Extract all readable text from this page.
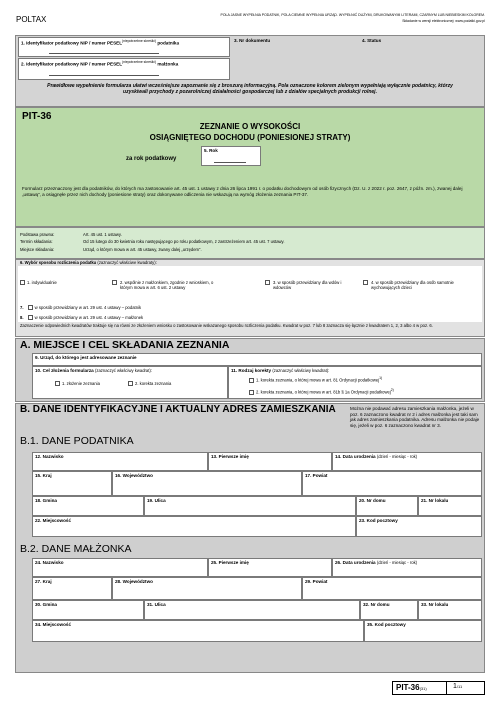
POLTAX	POLA JASNE WYPEŁNIA PODATNIK, POLA CIEMNE WYPEŁNIA URZĄD. WYPEŁNIĆ DUŻYMI, DRUKOWANYMI LITERAMI, CZARNYM LUB NIEBIESKIM KOLOREM.
Składanie w wersji elektronicznej: www.podatki.gov.pl
1. Identyfikator podatkowy NIP / numer $PESEL^{(niepotrzebne skreślić)}$ podatnika
2. Identyfikator podatkowy NIP / numer $PESEL^{(niepotrzebne skreślić)}$ małżonka
3. Nr dokumentu	4. Status
Prawidłowe wypełnienie formularza ułatwi wcześniejsze zapoznanie się z broszurą informacyjną. Pola oznaczone kolorem zielonym wypełniają wyłącznie podatnicy, którzy uzyskiwali przychody z pozarolniczej działalności gospodarczej lub z działów specjalnych produkcji rolnej.
PIT-36
ZEZNANIE O WYSOKOŚCI
OSIĄGNIĘTEGO DOCHODU (PONIESIONEJ STRATY)
za rok podatkowy
5. Rok
Formularz przeznaczony jest dla podatników, do których ma zastosowanie art. 45 ust. 1 ustawy z dnia 26 lipca 1991 r. o podatku dochodowym od osób fizycznych (Dz. U. z 2022 r. poz. 2647, z późn. zm.), zwanej dalej „ustawą”, a osiągnęłe przez nich dochody (poniesione straty) oraz dokonywane odliczenia nie wskazują na wymóg złożenia zeznania PIT-37.
Podstawa prawna:	Art. 45 ust. 1 ustawy.
Termin składania:	Od 15 lutego do 30 kwietnia roku następującego po roku podatkowym, z zastrzeżeniem art. 45 ust. 7 ustawy.
Miejsce składania:	Urząd, o którym mowa w art. 45 ustawy, zwany dalej „urzędem”.
6. Wybór sposobu rozliczenia podatku (zaznaczyć właściwe kwadraty):
1. indywidualnie	2. wspólnie z małżonkiem, zgodnie z wnioskiem, o którym mowa w art. 6 ust. 2 ustawy
3. w sposób przewidziany dla wdów i wdowców
4. w sposób przewidziany dla osób samotnie wychowujących dzieci
7.	w sposób przewidziany w art. 29 ust. 4 ustawy – podatnik
8.	w sposób przewidziany w art. 29 ust. 4 ustawy – małżonek
Zaznaczenie odpowiednich kwadratów traktuje się na równi ze złożeniem wniosku o zastosowanie wskazanego sposobu rozliczenia podatku. Kwadrat w poz. 7 lub 8 zaznacza się łącznie z kwadratem 1, 2, 3 albo 4 w poz. 6.
A. MIEJSCE I CEL SKŁADANIA ZEZNANIA
9. Urząd, do którego jest adresowane zeznanie
10. Cel złożenia formularza (zaznaczyć właściwy kwadrat):
1. złożenie zeznania	2. korekta zeznania
11. Rodzaj korekty (zaznaczyć właściwy kwadrat):
1. korekta zeznania, o której mowa w art. 81 Ordynacji podatkowej$^{1)}$
2. korekta zeznania, o której mowa w art. 81b § 1a Ordynacji podatkowej$^{2)}$
B. DANE IDENTYFIKACYJNE I AKTUALNY ADRES ZAMIESZKANIA	Można nie podawać adresu zamieszkania małżonka, jeżeli w poz. 6 zaznaczono kwadrat nr 2 i adres małżonka jest taki sam jak adres zamieszkania podatnika. Adresu małżonka nie podaje się, jeżeli w poz. 6 zaznaczono kwadrat nr 3.
B.1. DANE PODATNIKA
12. Nazwisko	13. Pierwsze imię	14. Data urodzenia (dzień - miesiąc - rok)
15. Kraj	16. Województwo	17. Powiat
18. Gmina	19. Ulica	20. Nr domu	21. Nr lokalu
22. Miejscowość	23. Kod pocztowy
B.2. DANE MAŁŻONKA
24. Nazwisko	25. Pierwsze imię	26. Data urodzenia (dzień - miesiąc - rok)
27. Kraj	28. Województwo	29. Powiat
30. Gmina	31. Ulica	32. Nr domu	33. Nr lokalu
34. Miejscowość	35. Kod pocztowy
PIT-36(31)	1/11
